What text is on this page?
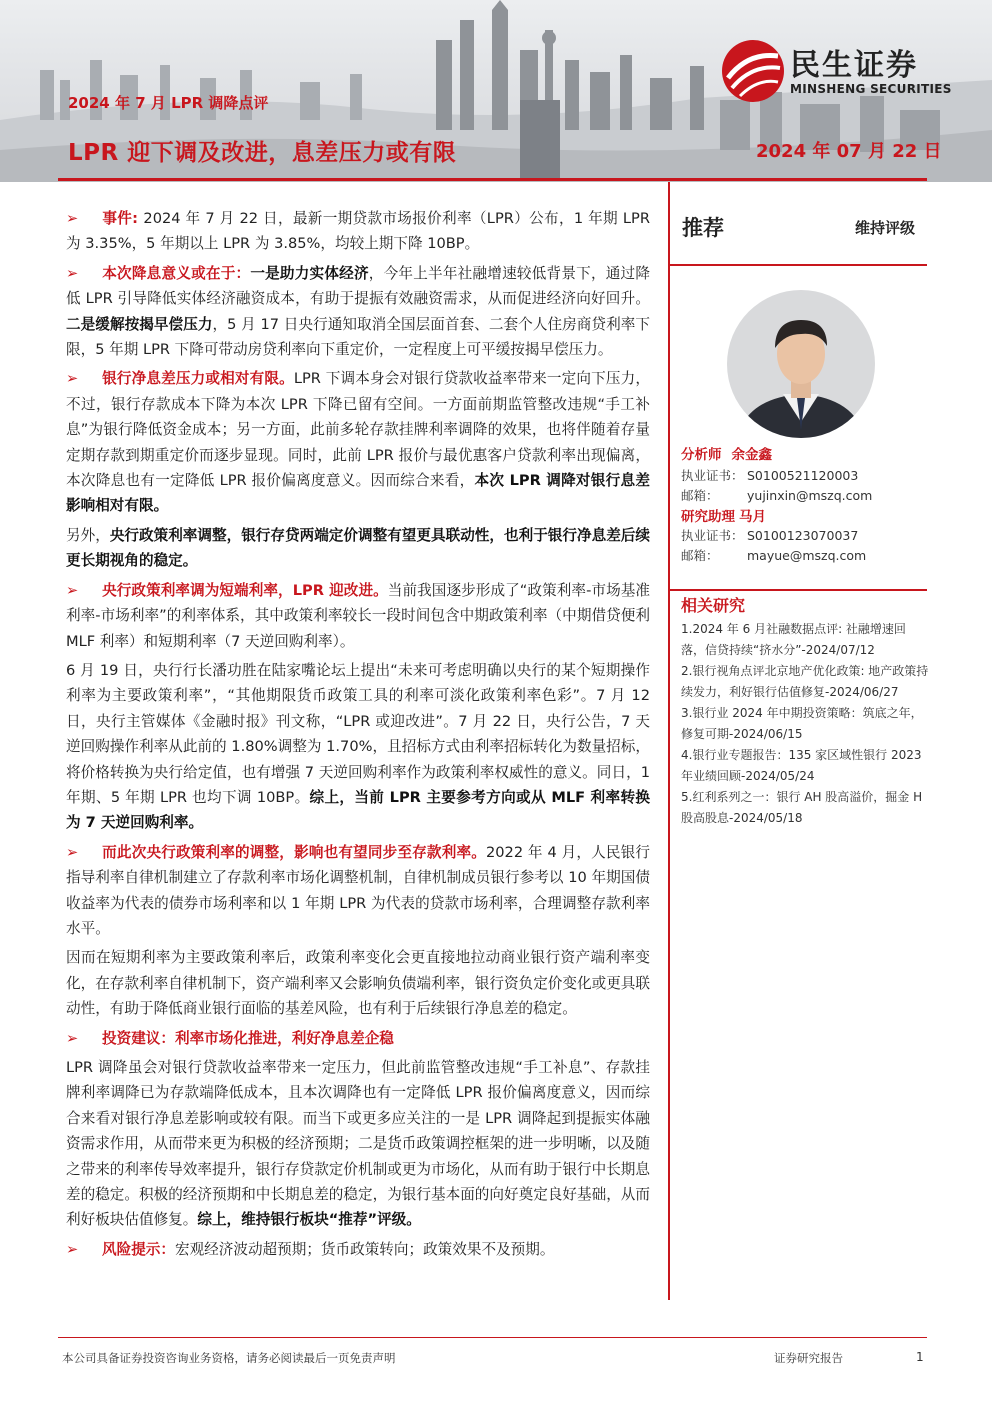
2024 年 7 月 LPR 调降点评
LPR 迎下调及改进，息差压力或有限	2024 年 07 月 22 日
民生证券
MINSHENG SECURITIES

➢ 事件: 2024 年 7 月 22 日，最新一期贷款市场报价利率（LPR）公布，1 年期 LPR 为 3.35%，5 年期以上 LPR 为 3.85%，均较上期下降 10BP。

➢ 本次降息意义或在于：一是助力实体经济，今年上半年社融增速较低背景下，通过降低 LPR 引导降低实体经济融资成本，有助于提振有效融资需求，从而促进经济向好回升。二是缓解按揭早偿压力，5 月 17 日央行通知取消全国层面首套、二套个人住房商贷利率下限，5 年期 LPR 下降可带动房贷利率向下重定价，一定程度上可平缓按揭早偿压力。

➢ 银行净息差压力或相对有限。LPR 下调本身会对银行贷款收益率带来一定向下压力，不过，银行存款成本下降为本次 LPR 下降已留有空间。一方面前期监管整改违规“手工补息”为银行降低资金成本；另一方面，此前多轮存款挂牌利率调降的效果，也将伴随着存量定期存款到期重定价而逐步显现。同时，此前 LPR 报价与最优惠客户贷款利率出现偏离，本次降息也有一定降低 LPR 报价偏离度意义。因而综合来看，本次 LPR 调降对银行息差影响相对有限。

另外，央行政策利率调整，银行存贷两端定价调整有望更具联动性，也利于银行净息差后续更长期视角的稳定。

➢ 央行政策利率调为短端利率，LPR 迎改进。当前我国逐步形成了“政策利率-市场基准利率-市场利率”的利率体系，其中政策利率较长一段时间包含中期政策利率（中期借贷便利 MLF 利率）和短期利率（7 天逆回购利率）。

6 月 19 日，央行行长潘功胜在陆家嘴论坛上提出“未来可考虑明确以央行的某个短期操作利率为主要政策利率”，“其他期限货币政策工具的利率可淡化政策利率色彩”。7 月 12 日，央行主管媒体《金融时报》刊文称，“LPR 或迎改进”。7 月 22 日，央行公告，7 天逆回购操作利率从此前的 1.80%调整为 1.70%，且招标方式由利率招标转化为数量招标，将价格转换为央行给定值，也有增强 7 天逆回购利率作为政策利率权威性的意义。同日，1 年期、5 年期 LPR 也均下调 10BP。综上，当前 LPR 主要参考方向或从 MLF 利率转换为 7 天逆回购利率。

➢ 而此次央行政策利率的调整，影响也有望同步至存款利率。2022 年 4 月，人民银行指导利率自律机制建立了存款利率市场化调整机制，自律机制成员银行参考以 10 年期国债收益率为代表的债券市场利率和以 1 年期 LPR 为代表的贷款市场利率，合理调整存款利率水平。

因而在短期利率为主要政策利率后，政策利率变化会更直接地拉动商业银行资产端利率变化，在存款利率自律机制下，资产端利率又会影响负债端利率，银行资负定价变化或更具联动性，有助于降低商业银行面临的基差风险，也有利于后续银行净息差的稳定。

➢ 投资建议：利率市场化推进，利好净息差企稳

LPR 调降虽会对银行贷款收益率带来一定压力，但此前监管整改违规“手工补息”、存款挂牌利率调降已为存款端降低成本，且本次调降也有一定降低 LPR 报价偏离度意义，因而综合来看对银行净息差影响或较有限。而当下或更多应关注的一是 LPR 调降起到提振实体融资需求作用，从而带来更为积极的经济预期；二是货币政策调控框架的进一步明晰，以及随之带来的利率传导效率提升，银行存贷款定价机制或更为市场化，从而有助于银行中长期息差的稳定。积极的经济预期和中长期息差的稳定，为银行基本面的向好奠定良好基础，从而利好板块估值修复。综上，维持银行板块“推荐”评级。

➢ 风险提示：宏观经济波动超预期；货币政策转向；政策效果不及预期。

推荐	维持评级
分析师 余金鑫
执业证书： S0100521120003
邮箱： yujinxin@mszq.com
研究助理 马月
执业证书： S0100123070037
邮箱： mayue@mszq.com
相关研究
1.2024 年 6 月社融数据点评: 社融增速回落，信贷持续“挤水分”-2024/07/12
2.银行视角点评北京地产优化政策: 地产政策持续发力，利好银行估值修复-2024/06/27
3.银行业 2024 年中期投资策略：筑底之年，修复可期-2024/06/15
4.银行业专题报告：135 家区域性银行 2023 年业绩回顾-2024/05/24
5.红利系列之一：银行 AH 股高溢价，掘金 H 股高股息-2024/05/18
本公司具备证券投资咨询业务资格，请务必阅读最后一页免责声明	证券研究报告	1
